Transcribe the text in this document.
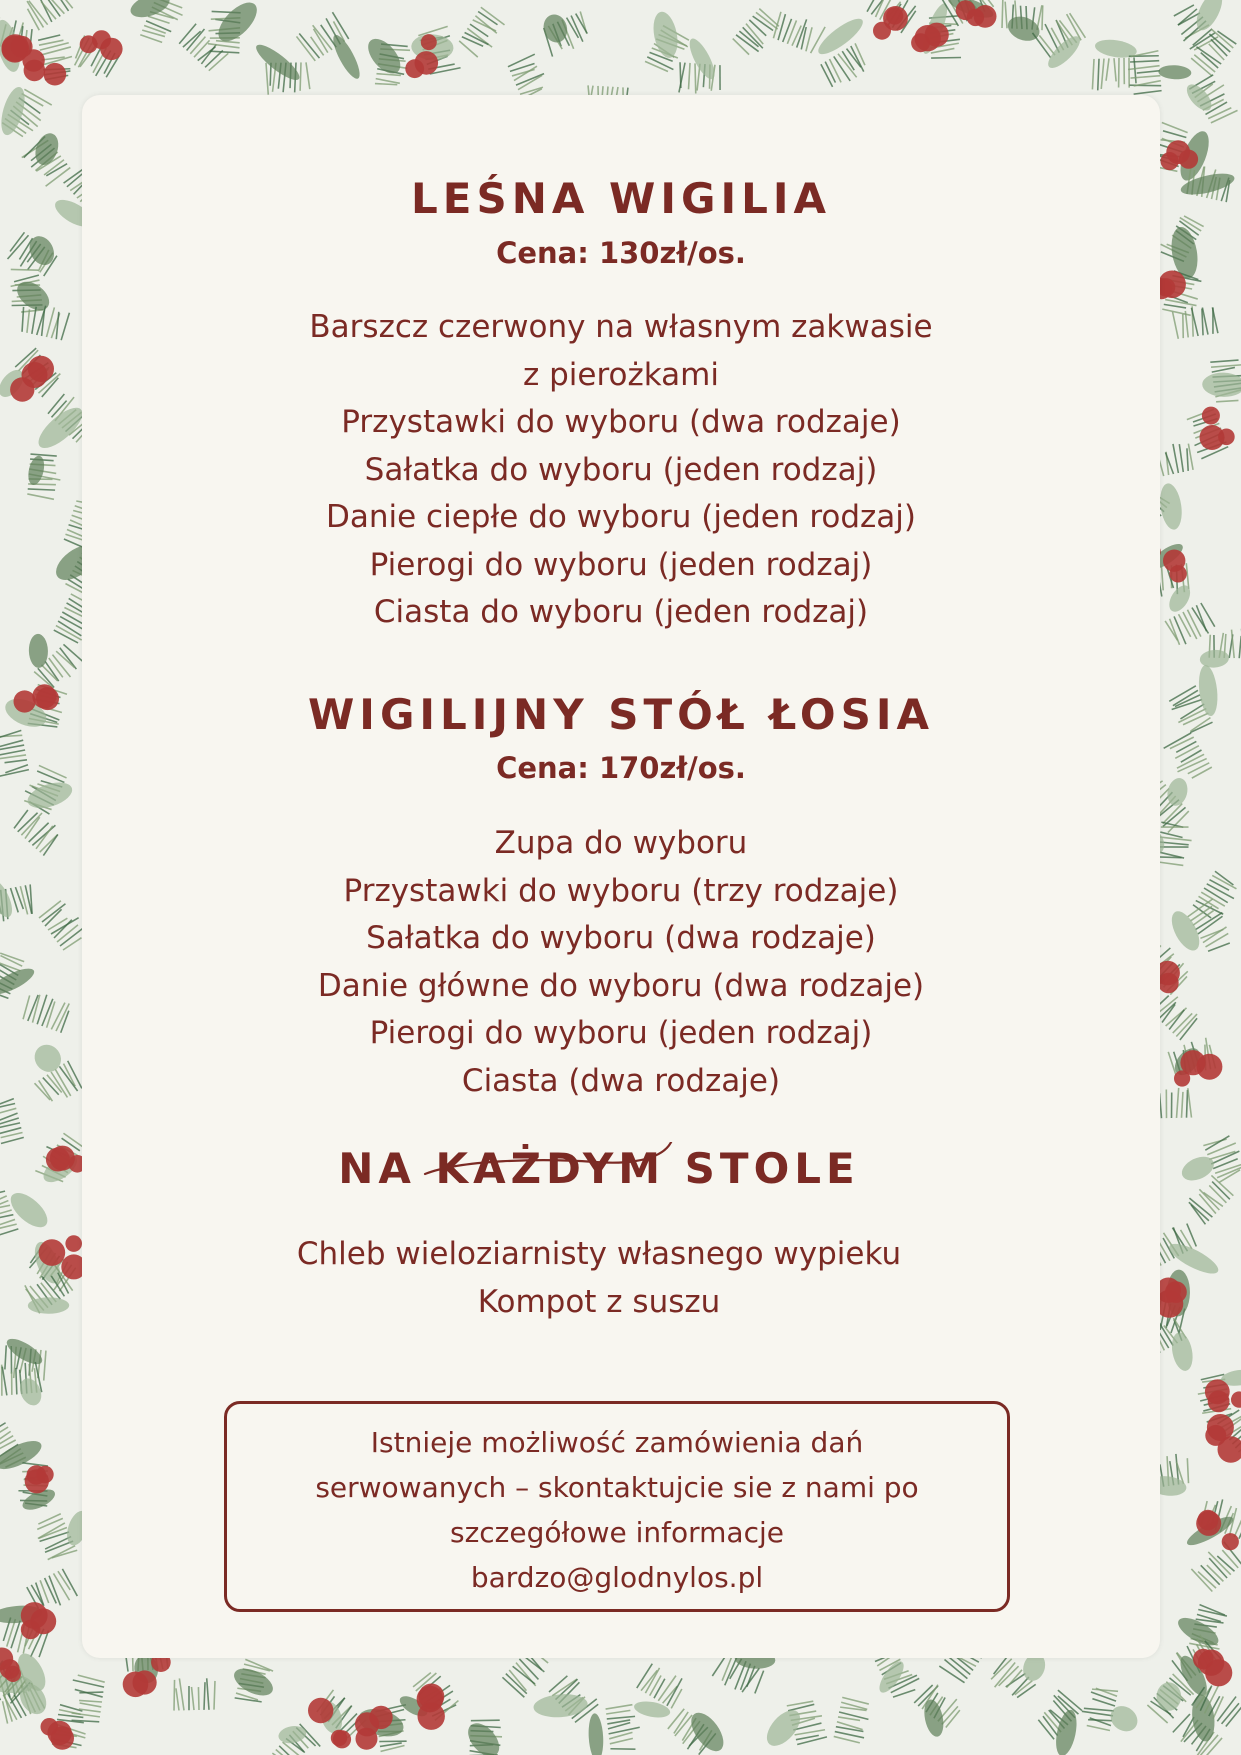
LEŚNA WIGILIA
Cena: 130zł/os.
Barszcz czerwony na własnym zakwasie
z pierożkami
Przystawki do wyboru (dwa rodzaje)
Sałatka do wyboru (jeden rodzaj)
Danie ciepłe do wyboru (jeden rodzaj)
Pierogi do wyboru (jeden rodzaj)
Ciasta do wyboru (jeden rodzaj)
WIGILIJNY STÓŁ ŁOSIA
Cena: 170zł/os.
Zupa do wyboru
Przystawki do wyboru (trzy rodzaje)
Sałatka do wyboru (dwa rodzaje)
Danie główne do wyboru (dwa rodzaje)
Pierogi do wyboru (jeden rodzaj)
Ciasta (dwa rodzaje)
NA KAŻDYM STOLE
Chleb wieloziarnisty własnego wypieku
Kompot z suszu
Istnieje możliwość zamówienia dań
serwowanych – skontaktujcie sie z nami po
szczegółowe informacje
bardzo@glodnylos.pl
